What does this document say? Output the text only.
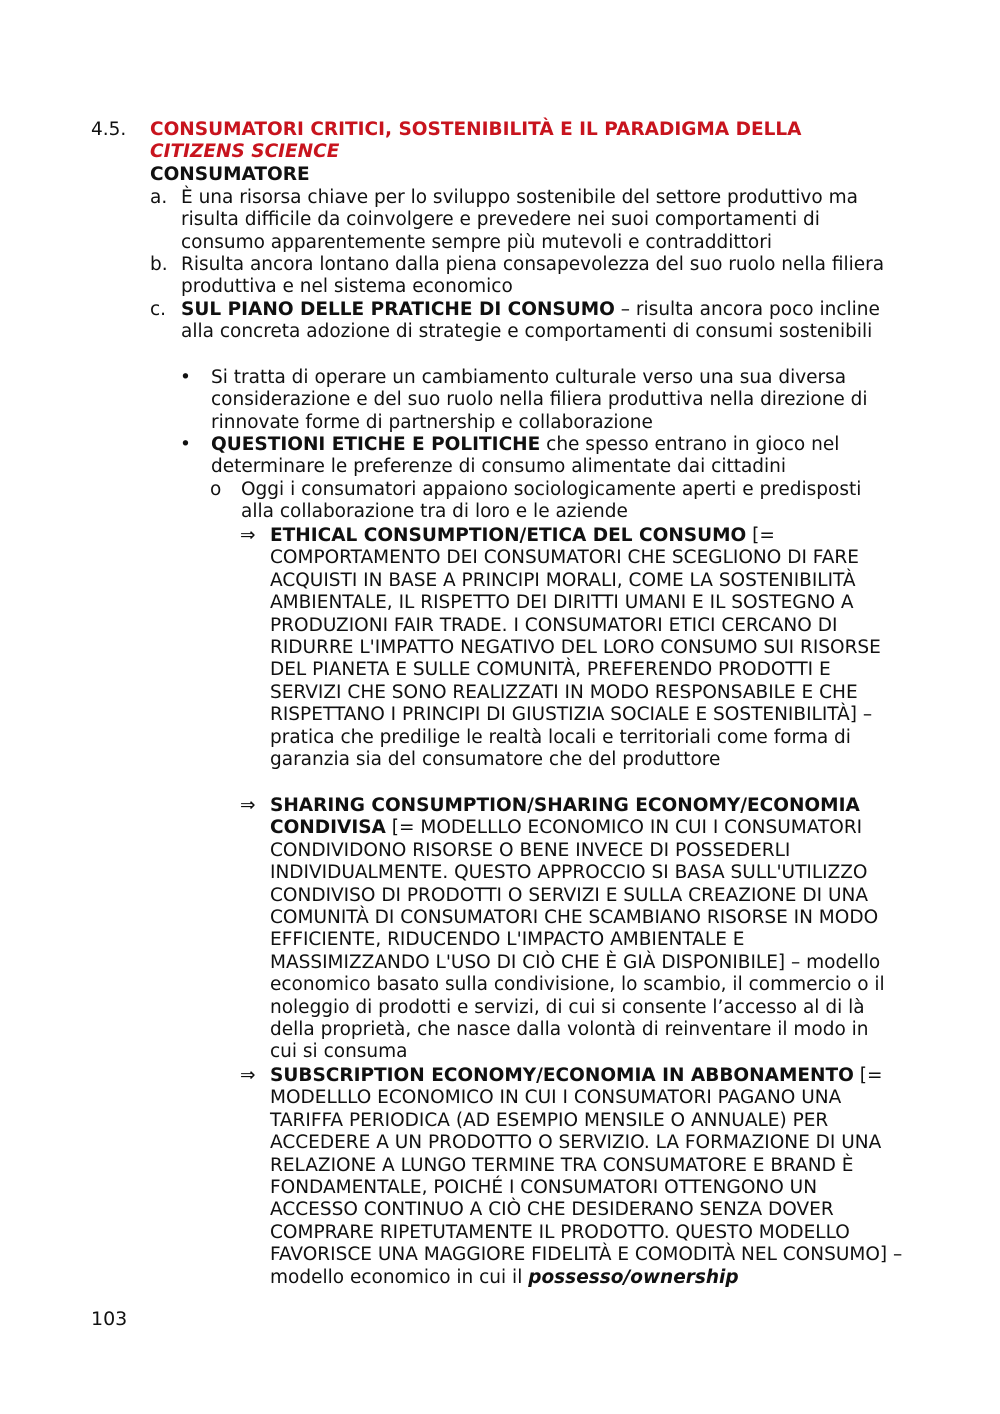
4.5. CONSUMATORI CRITICI, SOSTENIBILITÀ E IL PARADIGMA DELLA
CITIZENS SCIENCE
CONSUMATORE
a. È una risorsa chiave per lo sviluppo sostenibile del settore produttivo ma risulta difficile da coinvolgere e prevedere nei suoi comportamenti di consumo apparentemente sempre più mutevoli e contraddittori
b. Risulta ancora lontano dalla piena consapevolezza del suo ruolo nella filiera produttiva e nel sistema economico
c. SUL PIANO DELLE PRATICHE DI CONSUMO – risulta ancora poco incline alla concreta adozione di strategie e comportamenti di consumi sostenibili
• Si tratta di operare un cambiamento culturale verso una sua diversa considerazione e del suo ruolo nella filiera produttiva nella direzione di rinnovate forme di partnership e collaborazione
• QUESTIONI ETICHE E POLITICHE che spesso entrano in gioco nel determinare le preferenze di consumo alimentate dai cittadini
o Oggi i consumatori appaiono sociologicamente aperti e predisposti alla collaborazione tra di loro e le aziende
⇒ ETHICAL CONSUMPTION/ETICA DEL CONSUMO [= COMPORTAMENTO DEI CONSUMATORI CHE SCEGLIONO DI FARE ACQUISTI IN BASE A PRINCIPI MORALI, COME LA SOSTENIBILITÀ AMBIENTALE, IL RISPETTO DEI DIRITTI UMANI E IL SOSTEGNO A PRODUZIONI FAIR TRADE. I CONSUMATORI ETICI CERCANO DI RIDURRE L'IMPATTO NEGATIVO DEL LORO CONSUMO SUI RISORSE DEL PIANETA E SULLE COMUNITÀ, PREFERENDO PRODOTTI E SERVIZI CHE SONO REALIZZATI IN MODO RESPONSABILE E CHE RISPETTANO I PRINCIPI DI GIUSTIZIA SOCIALE E SOSTENIBILITÀ] – pratica che predilige le realtà locali e territoriali come forma di garanzia sia del consumatore che del produttore
⇒ SHARING CONSUMPTION/SHARING ECONOMY/ECONOMIA CONDIVISA [= MODELLLO ECONOMICO IN CUI I CONSUMATORI CONDIVIDONO RISORSE O BENE INVECE DI POSSEDERLI INDIVIDUALMENTE. QUESTO APPROCCIO SI BASA SULL'UTILIZZO CONDIVISO DI PRODOTTI O SERVIZI E SULLA CREAZIONE DI UNA COMUNITÀ DI CONSUMATORI CHE SCAMBIANO RISORSE IN MODO EFFICIENTE, RIDUCENDO L'IMPACTO AMBIENTALE E MASSIMIZZANDO L'USO DI CIÒ CHE È GIÀ DISPONIBILE] – modello economico basato sulla condivisione, lo scambio, il commercio o il noleggio di prodotti e servizi, di cui si consente l’accesso al di là della proprietà, che nasce dalla volontà di reinventare il modo in cui si consuma
⇒ SUBSCRIPTION ECONOMY/ECONOMIA IN ABBONAMENTO [= MODELLLO ECONOMICO IN CUI I CONSUMATORI PAGANO UNA TARIFFA PERIODICA (AD ESEMPIO MENSILE O ANNUALE) PER ACCEDERE A UN PRODOTTO O SERVIZIO. LA FORMAZIONE DI UNA RELAZIONE A LUNGO TERMINE TRA CONSUMATORE E BRAND È FONDAMENTALE, POICHÉ I CONSUMATORI OTTENGONO UN ACCESSO CONTINUO A CIÒ CHE DESIDERANO SENZA DOVER COMPRARE RIPETUTAMENTE IL PRODOTTO. QUESTO MODELLO FAVORISCE UNA MAGGIORE FIDELITÀ E COMODITÀ NEL CONSUMO] – modello economico in cui il possesso/ownership
103
